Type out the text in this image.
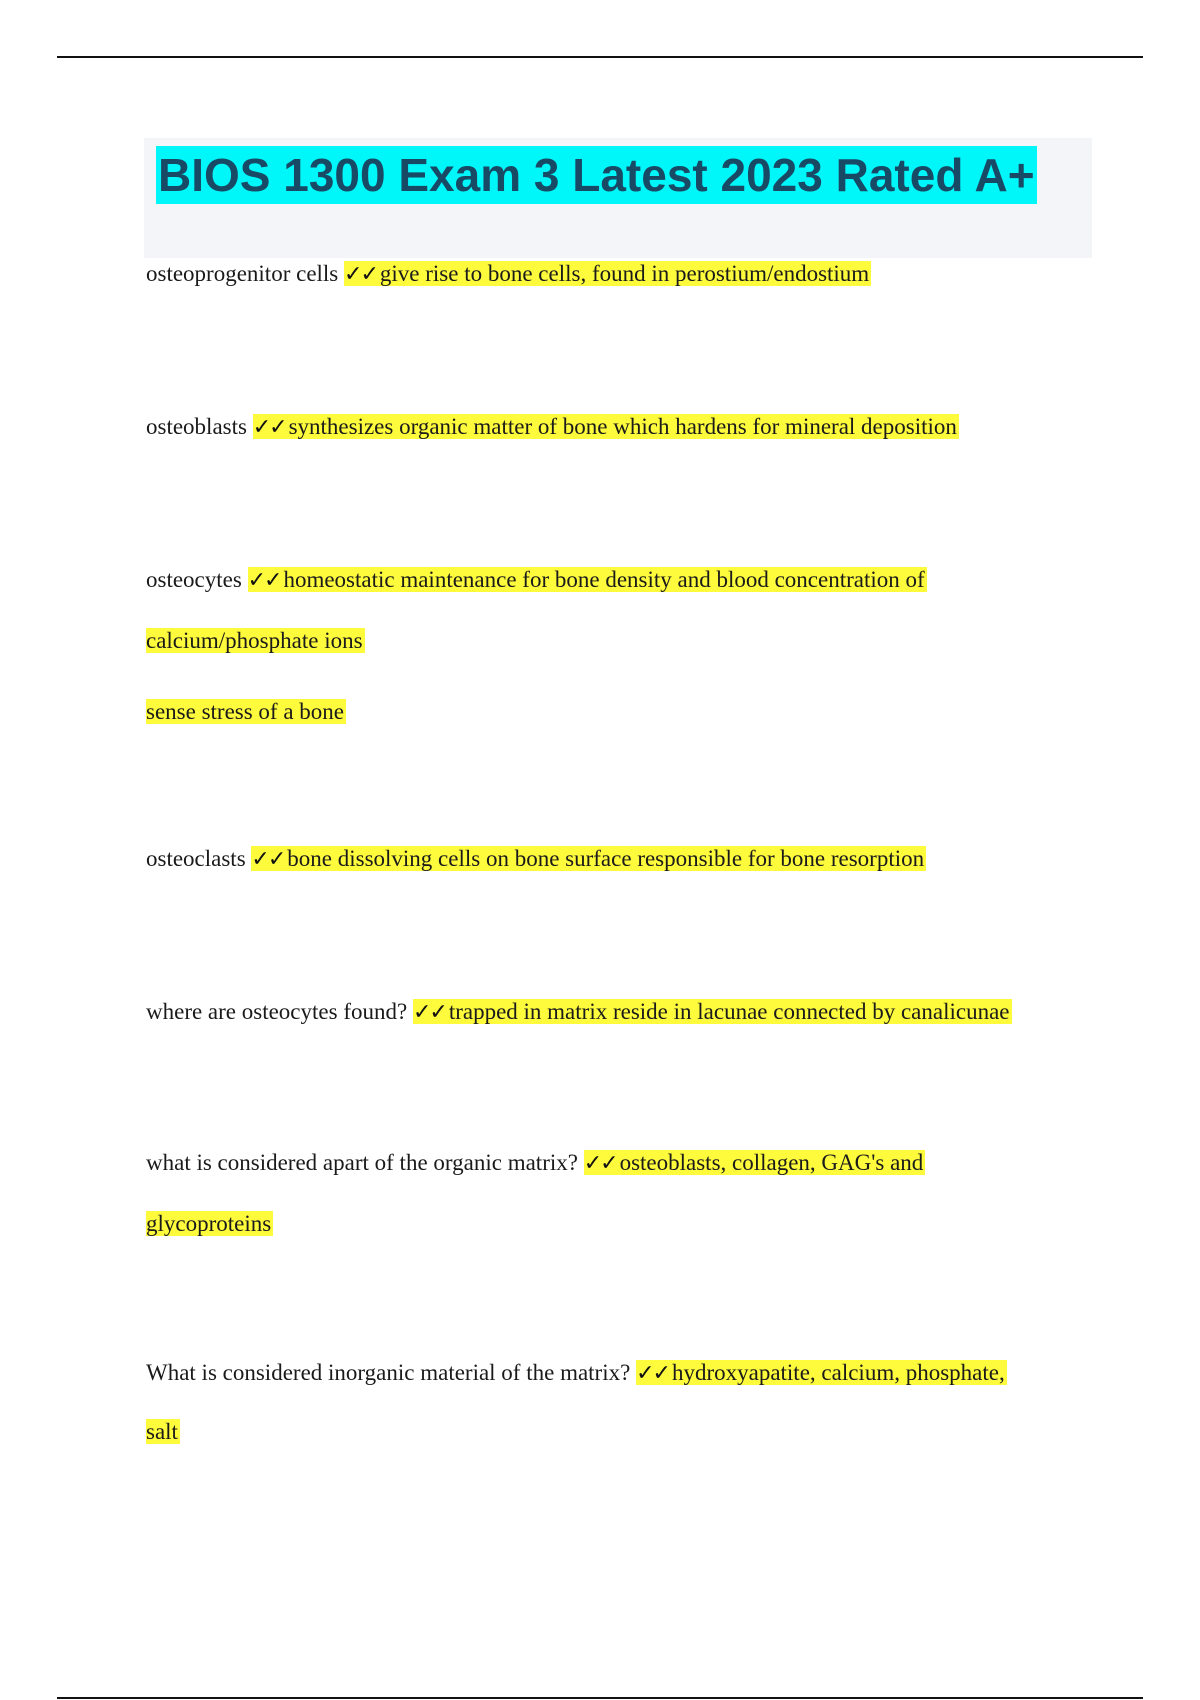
BIOS 1300 Exam 3 Latest 2023 Rated A+

osteoprogenitor cells ✓✓ give rise to bone cells, found in perostium/endostium

osteoblasts ✓✓ synthesizes organic matter of bone which hardens for mineral deposition

osteocytes ✓✓ homeostatic maintenance for bone density and blood concentration of

calcium/phosphate ions

sense stress of a bone

osteoclasts ✓✓ bone dissolving cells on bone surface responsible for bone resorption

where are osteocytes found? ✓✓ trapped in matrix reside in lacunae connected by canalicunae

what is considered apart of the organic matrix? ✓✓ osteoblasts, collagen, GAG's and

glycoproteins

What is considered inorganic material of the matrix? ✓✓ hydroxyapatite, calcium, phosphate,

salt
